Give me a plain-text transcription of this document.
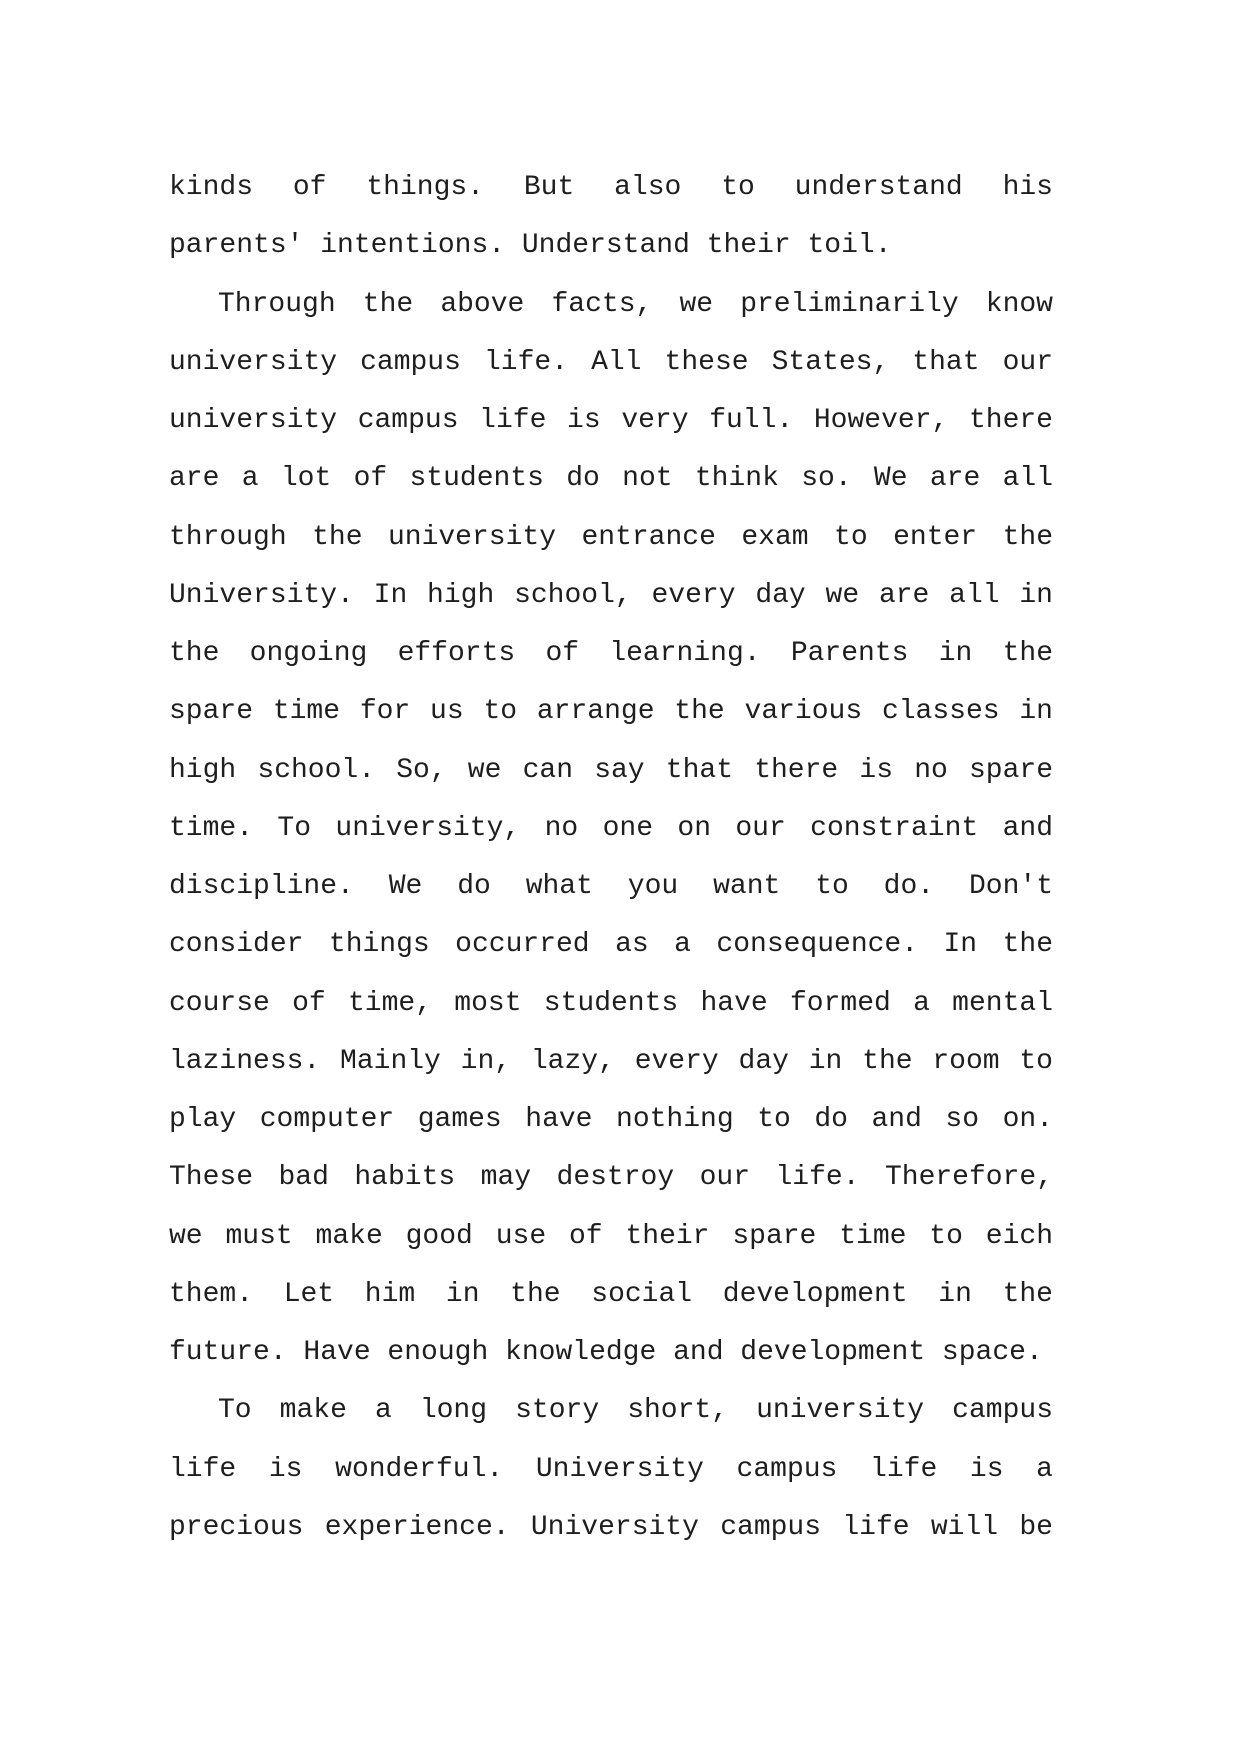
kinds of things. But also to understand his
parents' intentions. Understand their toil.
Through the above facts, we preliminarily know
university campus life. All these States, that our
university campus life is very full. However, there
are a lot of students do not think so. We are all
through the university entrance exam to enter the
University. In high school, every day we are all in
the ongoing efforts of learning. Parents in the
spare time for us to arrange the various classes in
high school. So, we can say that there is no spare
time. To university, no one on our constraint and
discipline. We do what you want to do. Don't
consider things occurred as a consequence. In the
course of time, most students have formed a mental
laziness. Mainly in, lazy, every day in the room to
play computer games have nothing to do and so on.
These bad habits may destroy our life. Therefore,
we must make good use of their spare time to eich
them. Let him in the social development in the
future. Have enough knowledge and development space.
To make a long story short, university campus
life is wonderful. University campus life is a
precious experience. University campus life will be
